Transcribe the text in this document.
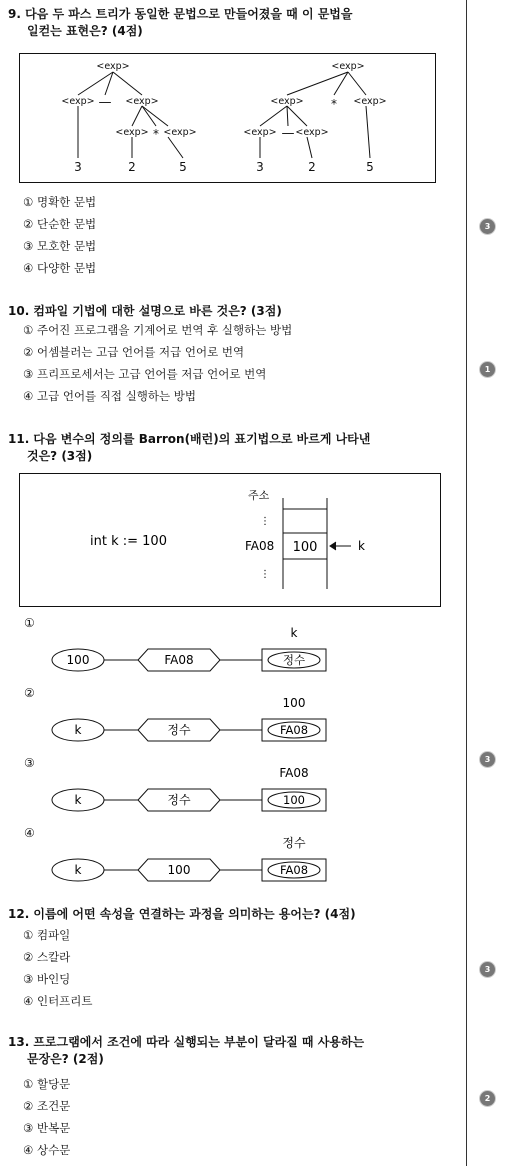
9. 다음 두 파스 트리가 동일한 문법으로 만들어졌을 때 이 문법을
일컫는 표현은? (4점)
<exp>
<exp> — <exp>
<exp> * <exp>
3	2	5
<exp>
<exp> * <exp>
<exp> — <exp>
3	2	5
① 명확한 문법
② 단순한 문법
③ 모호한 문법
④ 다양한 문법
3
10. 컴파일 기법에 대한 설명으로 바른 것은? (3점)
① 주어진 프로그램을 기계어로 번역 후 실행하는 방법
② 어셈블러는 고급 언어를 저급 언어로 번역
③ 프리프로세서는 고급 언어를 저급 언어로 번역
④ 고급 언어를 직접 실행하는 방법
1
11. 다음 변수의 정의를 Barron(배런)의 표기법으로 바르게 나타낸
것은? (3점)
int k := 100
주소
⋮
⋮
FA08 100	k
①
k
100	FA08	정수
②
100
k	정수	FA08
③
FA08
k	정수	100
④
정수
k	100	FA08
3
12. 이름에 어떤 속성을 연결하는 과정을 의미하는 용어는? (4점)
① 컴파일
② 스칼라
③ 바인딩
④ 인터프리트
3
13. 프로그램에서 조건에 따라 실행되는 부분이 달라질 때 사용하는
문장은? (2점)
① 할당문
② 조건문
③ 반복문
④ 상수문
2
